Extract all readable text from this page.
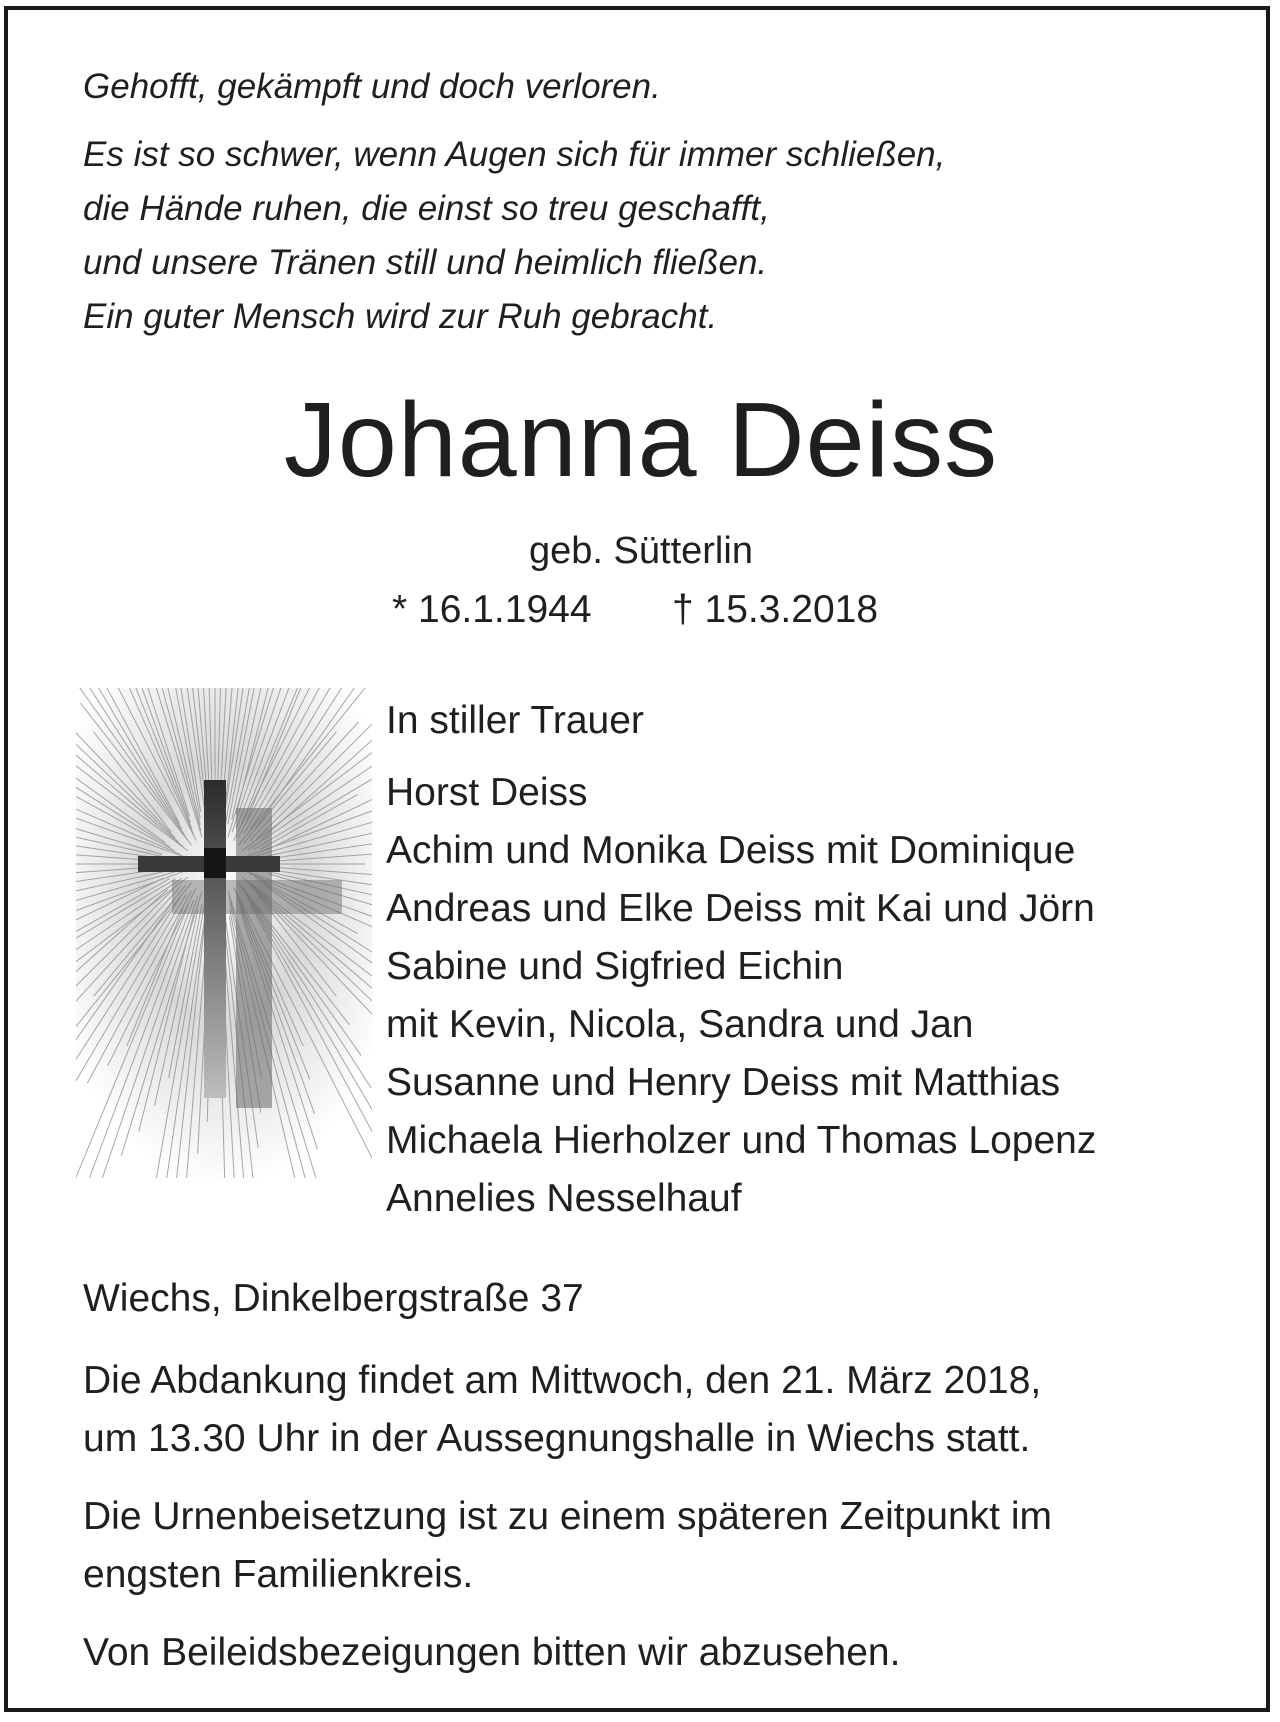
Gehofft, gekämpft und doch verloren.
Es ist so schwer, wenn Augen sich für immer schließen,
die Hände ruhen, die einst so treu geschafft,
und unsere Tränen still und heimlich fließen.
Ein guter Mensch wird zur Ruh gebracht.
Johanna Deiss
geb. Sütterlin
* 16.1.1944 † 15.3.2018
In stiller Trauer
Horst Deiss
Achim und Monika Deiss mit Dominique
Andreas und Elke Deiss mit Kai und Jörn
Sabine und Sigfried Eichin
mit Kevin, Nicola, Sandra und Jan
Susanne und Henry Deiss mit Matthias
Michaela Hierholzer und Thomas Lopenz
Annelies Nesselhauf
Wiechs, Dinkelbergstraße 37
Die Abdankung findet am Mittwoch, den 21. März 2018,
um 13.30 Uhr in der Aussegnungshalle in Wiechs statt.
Die Urnenbeisetzung ist zu einem späteren Zeitpunkt im
engsten Familienkreis.
Von Beileidsbezeigungen bitten wir abzusehen.
